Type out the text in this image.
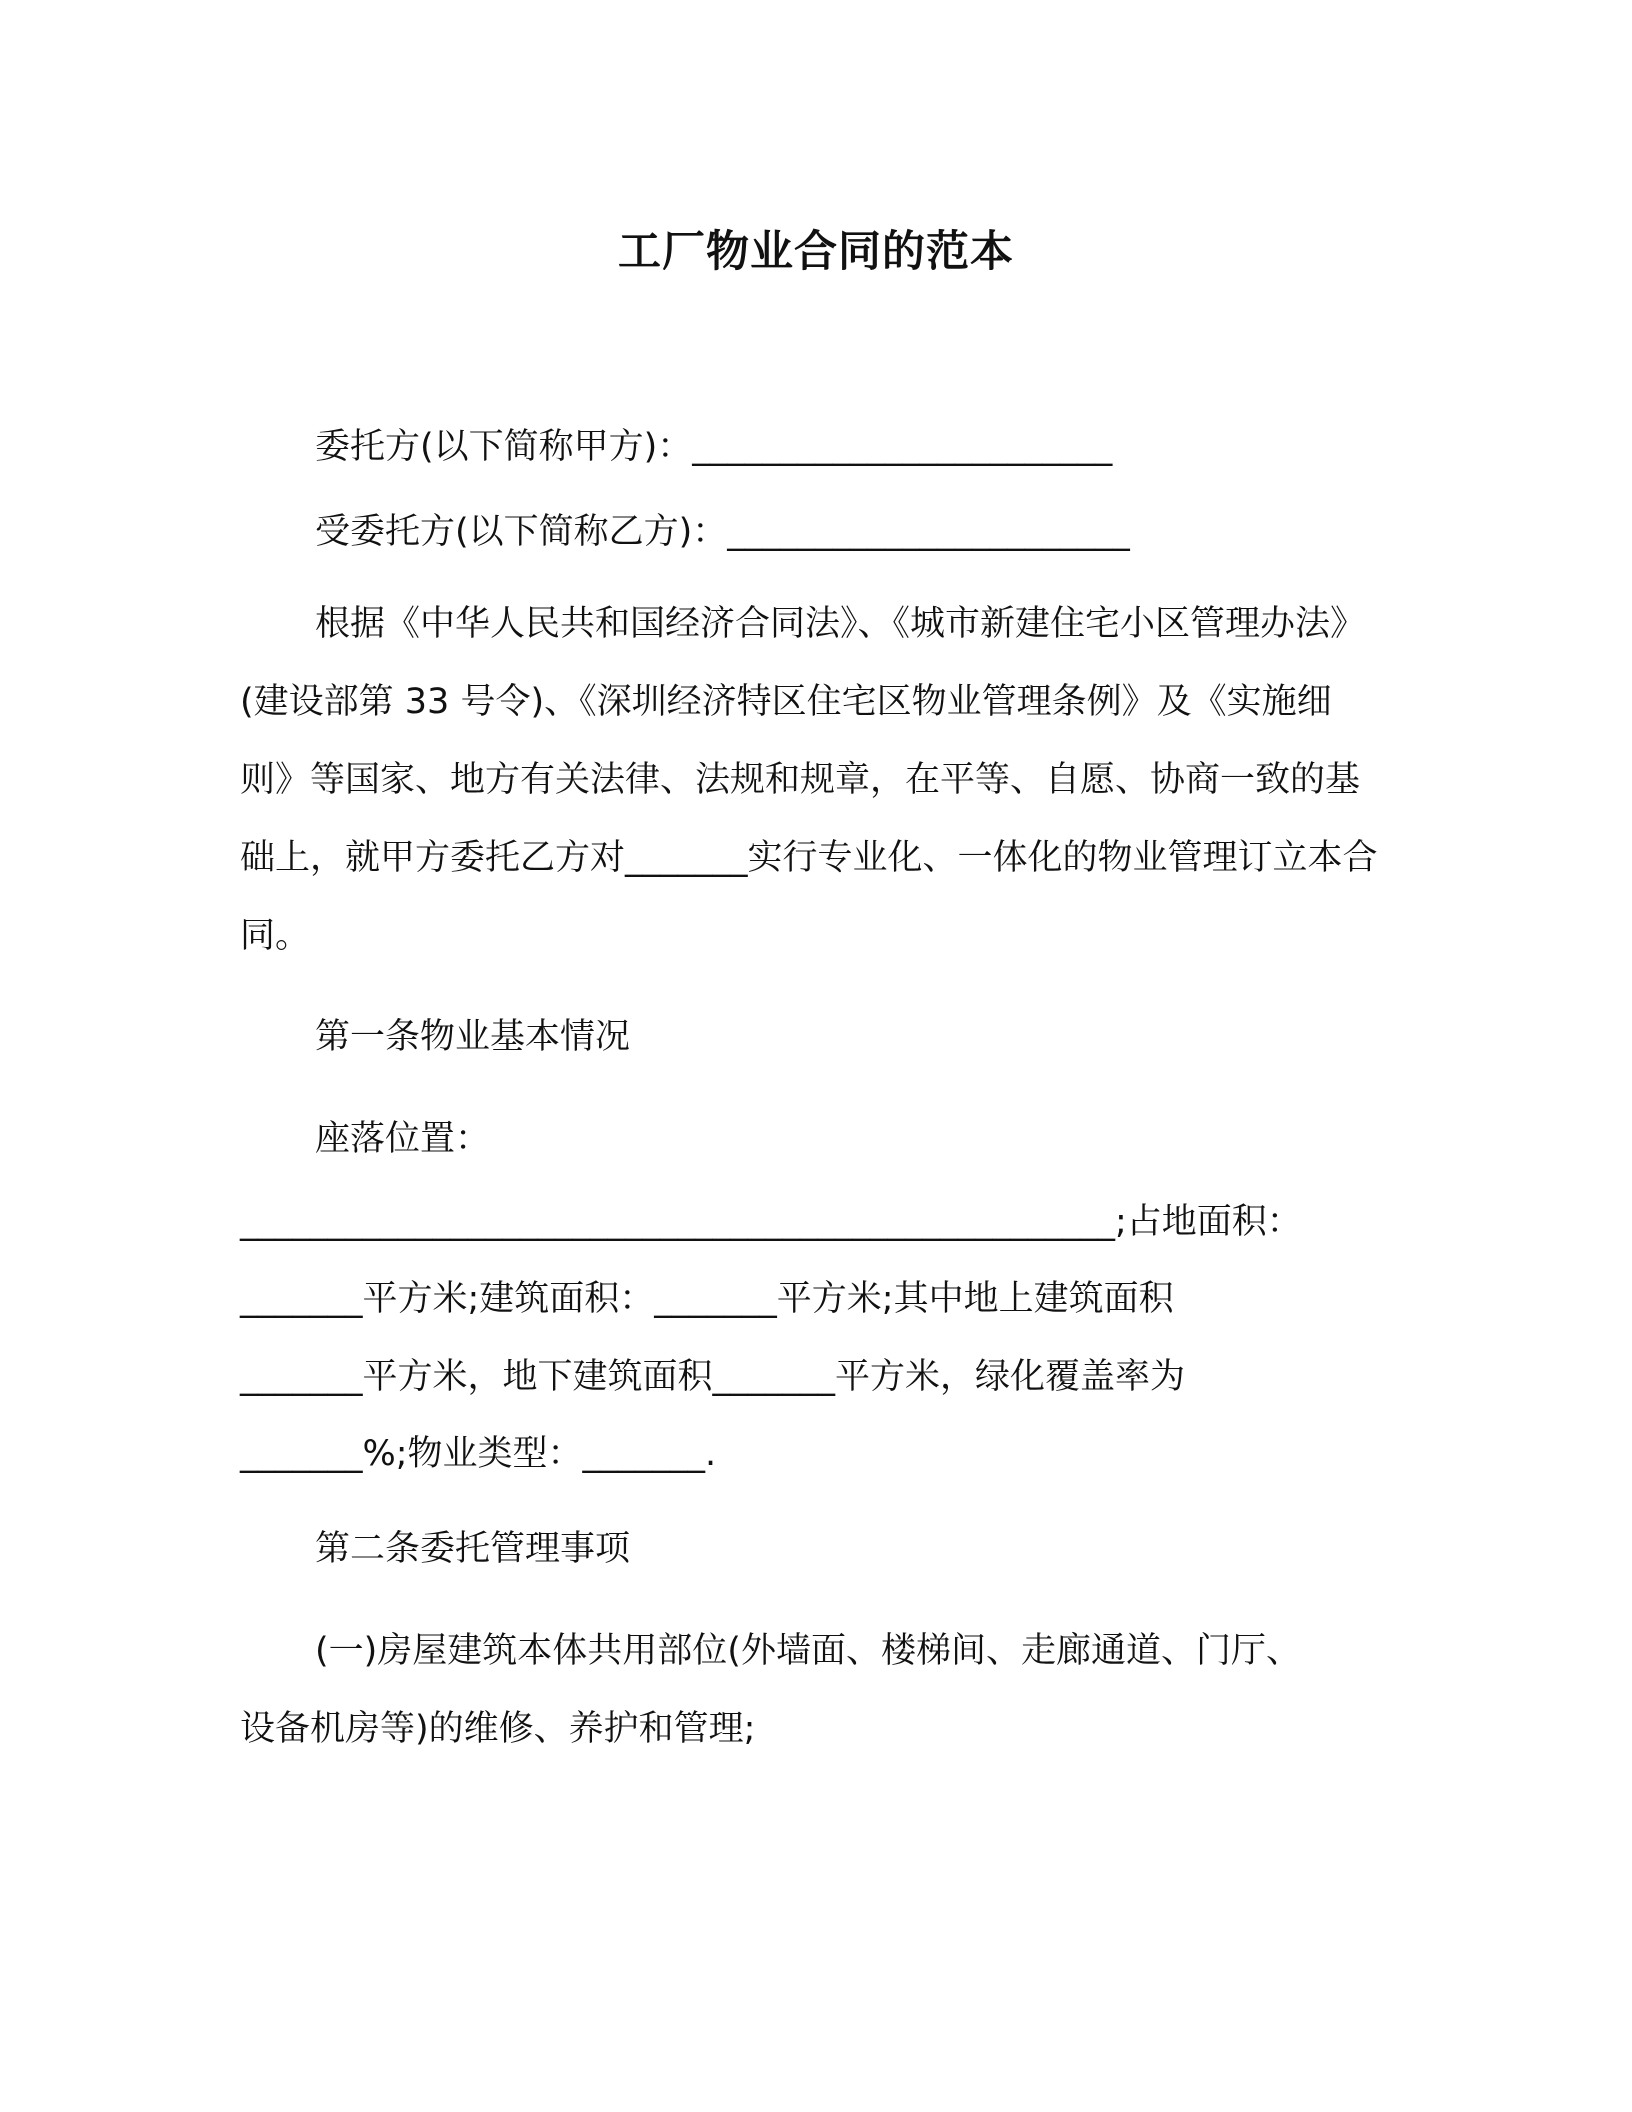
工厂物业合同的范本
委托方(以下简称甲方)：________________________
受委托方(以下简称乙方)：_______________________
根据《中华人民共和国经济合同法》、《城市新建住宅小区管理办法》(建设部第 33 号令)、《深圳经济特区住宅区物业管理条例》及《实施细则》等国家、地方有关法律、法规和规章，在平等、自愿、协商一致的基础上，就甲方委托乙方对_______实行专业化、一体化的物业管理订立本合同。
第一条物业基本情况
座落位置：
__________________________________________________;占地面积：
_______平方米;建筑面积：_______平方米;其中地上建筑面积
_______平方米，地下建筑面积_______平方米，绿化覆盖率为
_______%;物业类型：_______.
第二条委托管理事项
(一)房屋建筑本体共用部位(外墙面、楼梯间、走廊通道、门厅、
设备机房等)的维修、养护和管理;
